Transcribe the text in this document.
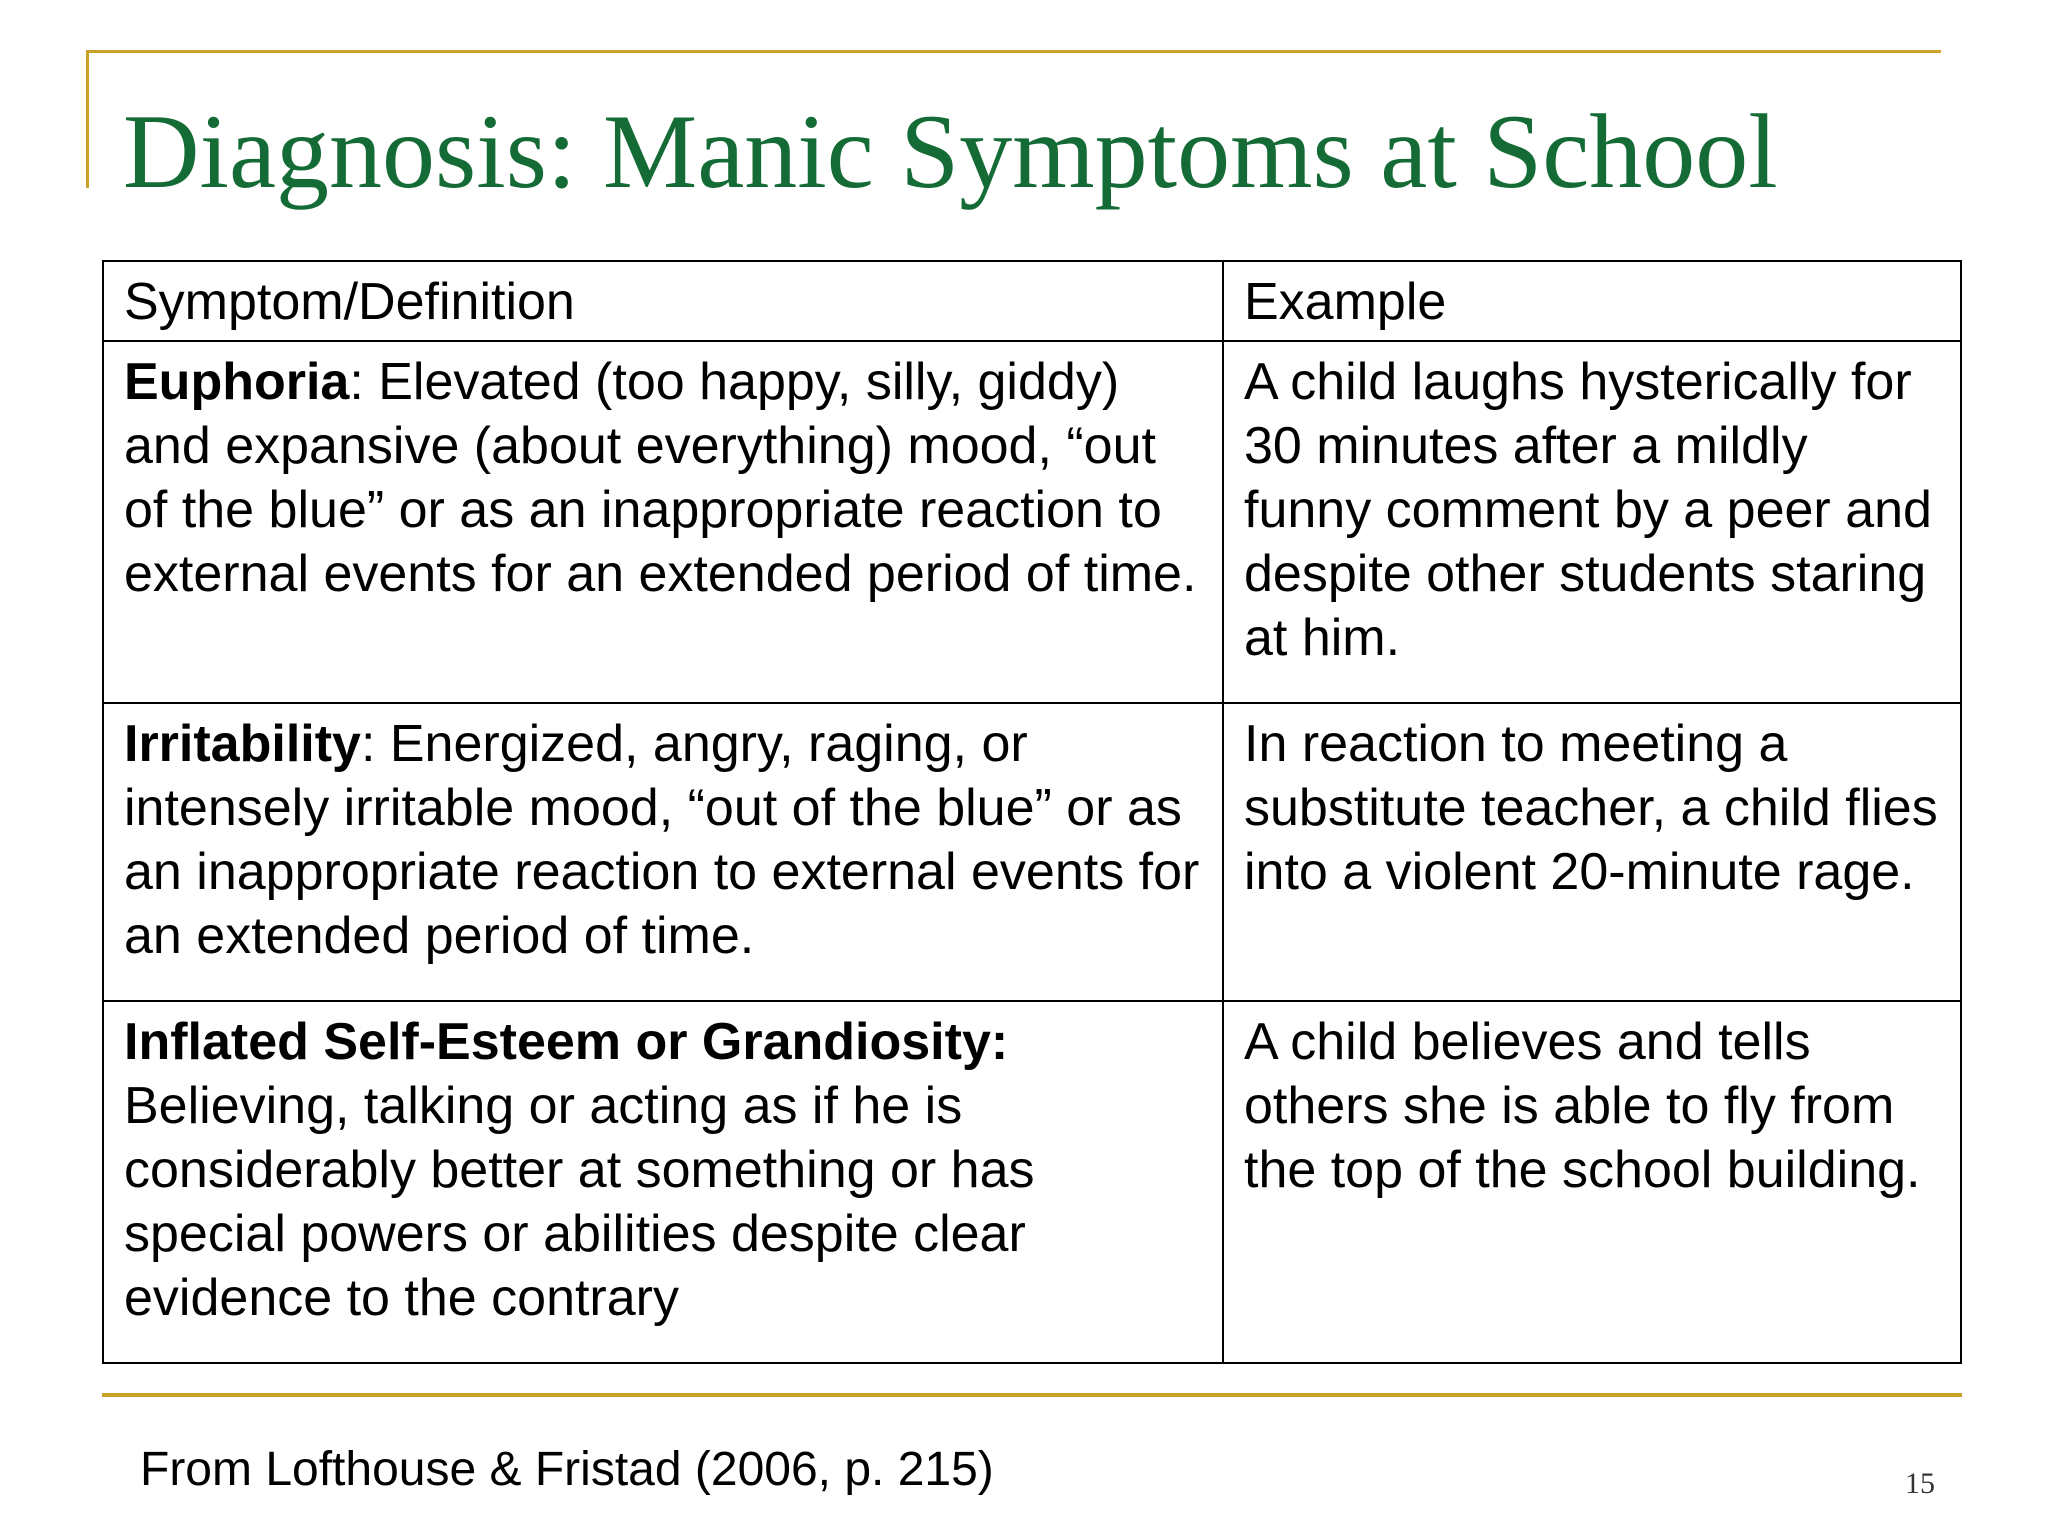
Diagnosis: Manic Symptoms at School
Symptom/Definition	Example
Euphoria: Elevated (too happy, silly, giddy) and expansive (about everything) mood, “out of the blue” or as an inappropriate reaction to external events for an extended period of time.	A child laughs hysterically for 30 minutes after a mildly funny comment by a peer and despite other students staring at him.
Irritability: Energized, angry, raging, or intensely irritable mood, “out of the blue” or as an inappropriate reaction to external events for an extended period of time.	In reaction to meeting a substitute teacher, a child flies into a violent 20-minute rage.
Inflated Self-Esteem or Grandiosity:
Believing, talking or acting as if he is considerably better at something or has special powers or abilities despite clear evidence to the contrary	A child believes and tells others she is able to fly from the top of the school building.

From Lofthouse & Fristad (2006, p. 215)	15
